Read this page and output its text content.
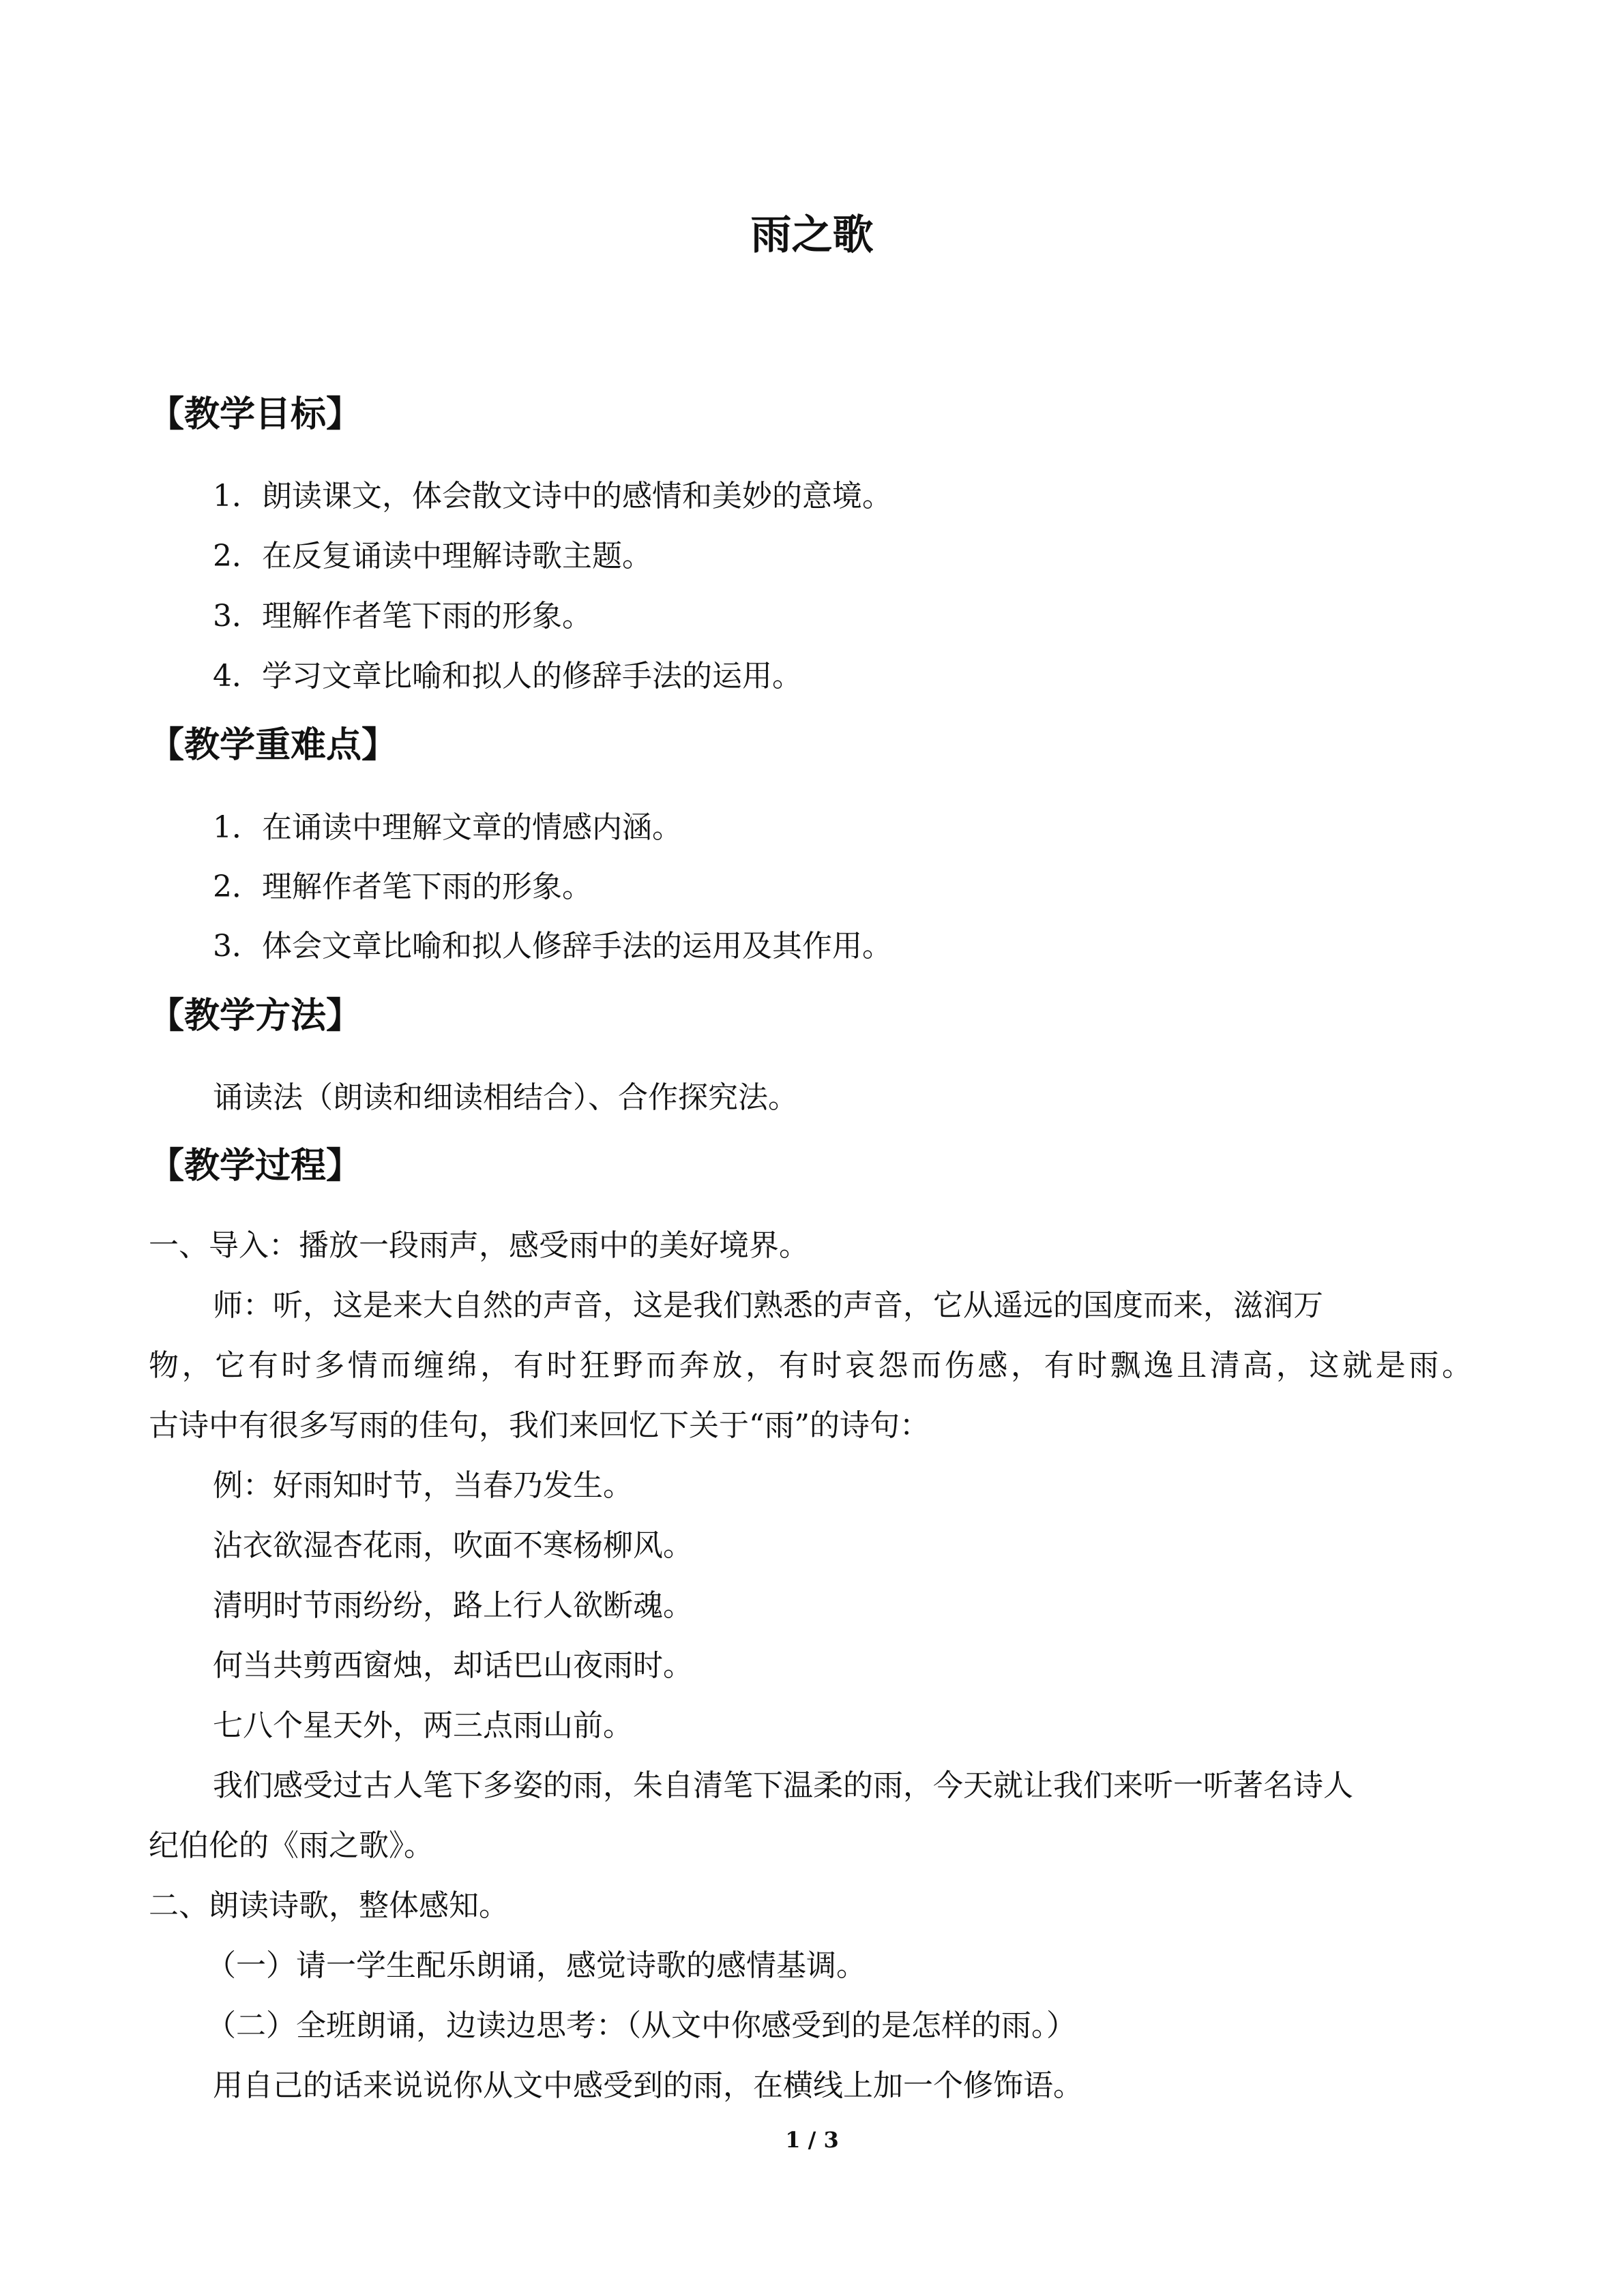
雨之歌
【教学目标】
1．朗读课文，体会散文诗中的感情和美妙的意境。
2．在反复诵读中理解诗歌主题。
3．理解作者笔下雨的形象。
4．学习文章比喻和拟人的修辞手法的运用。
【教学重难点】
1．在诵读中理解文章的情感内涵。
2．理解作者笔下雨的形象。
3．体会文章比喻和拟人修辞手法的运用及其作用。
【教学方法】
诵读法（朗读和细读相结合）、合作探究法。
【教学过程】
一、导入：播放一段雨声，感受雨中的美好境界。
师：听，这是来大自然的声音，这是我们熟悉的声音，它从遥远的国度而来，滋润万
物，它有时多情而缠绵，有时狂野而奔放，有时哀怨而伤感，有时飘逸且清高，这就是雨。
古诗中有很多写雨的佳句，我们来回忆下关于“雨”的诗句：
例：好雨知时节，当春乃发生。
沾衣欲湿杏花雨，吹面不寒杨柳风。
清明时节雨纷纷，路上行人欲断魂。
何当共剪西窗烛，却话巴山夜雨时。
七八个星天外，两三点雨山前。
我们感受过古人笔下多姿的雨，朱自清笔下温柔的雨，今天就让我们来听一听著名诗人
纪伯伦的《雨之歌》。
二、朗读诗歌，整体感知。
（一）请一学生配乐朗诵，感觉诗歌的感情基调。
（二）全班朗诵，边读边思考：（从文中你感受到的是怎样的雨。）
用自己的话来说说你从文中感受到的雨，在横线上加一个修饰语。
1 / 3
